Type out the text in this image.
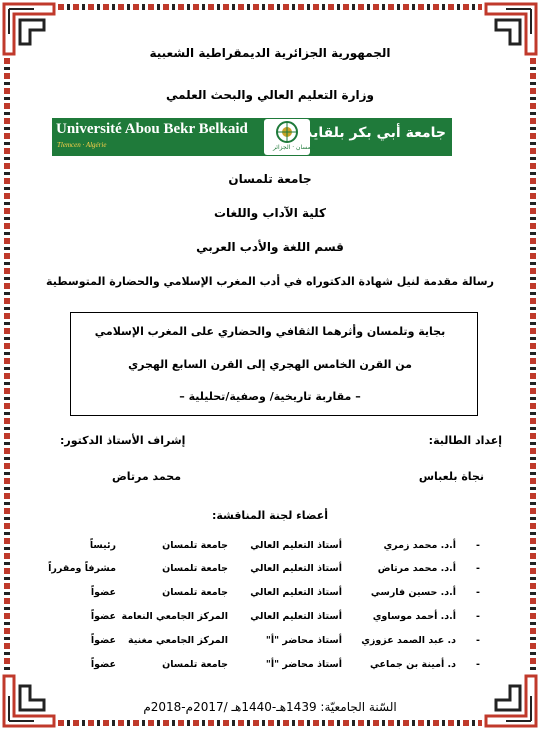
الجمهورية الجزائرية الديمقراطية الشعبية
وزارة التعليم العالي والبحث العلمي
Université Abou Bekr Belkaid
Tlemcen · Algérie	تلمسان · الجزائر
جامعة أبي بكر بلقايد
جامعة تلمسان
كلية الآداب واللغات
قسم اللغة والأدب العربي
رسالة مقدمة لنيل شهادة الدكتوراه في أدب المغرب الإسلامي والحضارة المتوسطية
بجاية وتلمسان وأثرهما الثقافي والحضاري على المغرب الإسلامي
من القرن الخامس الهجري إلى القرن السابع الهجري
– مقاربة تاريخية/ وصفية/تحليلية –
إعداد الطالبة:
نجاة بلعباس
إشراف الأستاذ الدكتور:
محمد مرتاض
أعضاء لجنة المناقشة:
-
أ.د. محمد زمري
أستاذ التعليم العالي
جامعة تلمسان
رئيساً
-
أ.د. محمد مرتاض
أستاذ التعليم العالي
جامعة تلمسان
مشرفاً ومقرراً
-
أ.د. حسين فارسي
أستاذ التعليم العالي
جامعة تلمسان
عضواً
-
أ.د. أحمد موساوي
أستاذ التعليم العالي
المركز الجامعي النعامة
عضواً
-
د. عبد الصمد عزوزي
أستاذ محاضر "أ"
المركز الجامعي مغنية
عضواً
-
د. أمينة بن جماعي
أستاذ محاضر "أ"
جامعة تلمسان
عضواً
السّنة الجامعيّة: 1439هـ-1440هـ /2017م-2018م
